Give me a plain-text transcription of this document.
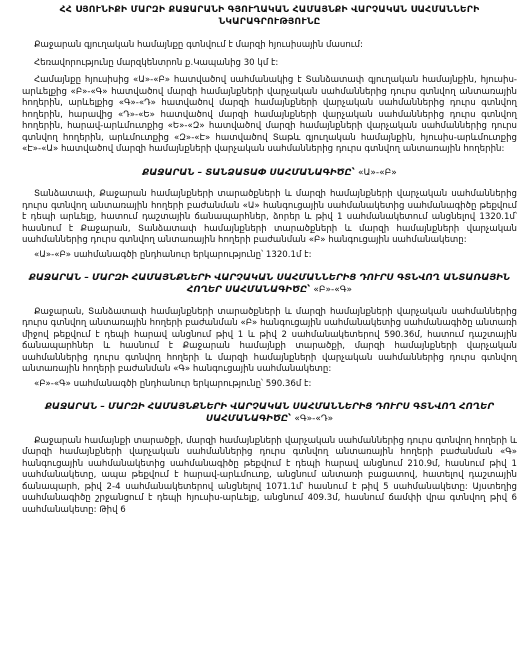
ՀՀ ՍՅՈՒՆԻՔԻ ՄԱՐԶԻ ՔԱՋԱՐԱՆԻ ԳՅՈՒՂԱԿԱՆ ՀԱՄԱՅՆՔԻ ՎԱՐՉԱԿԱՆ ՍԱՀՄԱՆՆԵՐԻ ՆԿԱՐԱԳՐՈՒԹՅՈՒՆԸ

Քաջարան գյուղական համայնքը գտնվում է մարզի հյուսիսային մասում:

Հեռավորությունը մարզկենտրոն ք.Կապանից 30 կմ է:

Համայնքը հյուսիսից «Ա»-«Բ» հատվածով սահմանակից է Տանձատափ գյուղական համայնքին, հյուսիս-արևելքից «Բ»-«Գ» հատվածով մարզի համայնքների վարչական սահմաններից դուրս գտնվող անտառային հողերին, արևելքից «Գ»-«Դ» հատվածով մարզի համայնքների վարչական սահմաններից դուրս գտնվող հողերին, հարավից «Դ»-«Ե» հատվածով մարզի համայնքների վարչական սահմաններից դուրս գտնվող հողերին, հարավ-արևմուտքից «Ե»-«Զ» հատվածով մարզի համայնքների վարչական սահմաններից դուրս գտնվող հողերին, արևմուտքից «Զ»-«Է» հատվածով Տաթև գյուղական համայնքին, հյուսիս-արևմուտքից «Է»-«Ա» հատվածով մարզի համայնքների վարչական սահմաններից դուրս գտնվող անտառային հողերին:

ՔԱՋԱՐԱՆ – ՏԱՆՁԱՏԱՓ ՍԱՀՄԱՆԱԳԻԾԸ՝ «Ա»-«Բ»

Տանձատափ, Քաջարան համայնքների տարածքների և մարզի համայնքների վարչական սահմաններից դուրս գտնվող անտառային հողերի բաժանման «Ա» հանգուցային սահմանակետից սահմանագիծը թեքվում է դեպի արևելք, հատում դաշտային ճանապարհներ, ձորեր և թիվ 1 սահմանակետում անցնելով 1320.1մ՝ հասնում է Քաջարան, Տանձատափ համայնքների տարածքների և մարզի համայնքների վարչական սահմաններից դուրս գտնվող անտառային հողերի բաժանման «Բ» հանգուցային սահմանակետը:

«Ա»-«Բ» սահմանագծի ընդհանուր երկարությունը՝ 1320.1մ է:

ՔԱՋԱՐԱՆ – ՄԱՐԶԻ ՀԱՄԱՅՆՔՆԵՐԻ ՎԱՐՉԱԿԱՆ ՍԱՀՄԱՆՆԵՐԻՑ ԴՈՒՐՍ ԳՏՆՎՈՂ ԱՆՏԱՌԱՅԻՆ ՀՈՂԵՐ ՍԱՀՄԱՆԱԳԻԾԸ՝ «Բ»-«Գ»

Քաջարան, Տանձատափ համայնքների տարածքների և մարզի համայնքների վարչական սահմաններից դուրս գտնվող անտառային հողերի բաժանման «Բ» հանգուցային սահմանակետից սահմանագիծը անտառի միջով թեքվում է դեպի հարավ անցնում թիվ 1 և թիվ 2 սահմանակետերով 590.36մ, հատում դաշտային ճանապարհներ և հասնում է Քաջարան համայնքի տարածքի, մարզի համայնքների վարչական սահմաններից դուրս գտնվող հողերի և մարզի համայնքների վարչական սահմաններից դուրս գտնվող անտառային հողերի բաժանման «Գ» հանգուցային սահմանակետը:

«Բ»-«Գ» սահմանագծի ընդհանուր երկարությունը՝ 590.36մ է:

ՔԱՋԱՐԱՆ – ՄԱՐԶԻ ՀԱՄԱՅՆՔՆԵՐԻ ՎԱՐՉԱԿԱՆ ՍԱՀՄԱՆՆԵՐԻՑ ԴՈՒՐՍ ԳՏՆՎՈՂ ՀՈՂԵՐ ՍԱՀՄԱՆԱԳԻԾԸ՝ «Գ»-«Դ»

Քաջարան համայնքի տարածքի, մարզի համայնքների վարչական սահմաններից դուրս գտնվող հողերի և մարզի համայնքների վարչական սահմաններից դուրս գտնվող անտառային հողերի բաժանման «Գ» հանգուցային սահմանակետից սահմանագիծը թեքվում է դեպի հարավ անցնում 210.9մ, հասնում թիվ 1 սահմանակետը, ապա թեքվում է հարավ-արևմուտք, անցնում անտառի բացատով, հատելով դաշտային ճանապարհ, թիվ 2-4 սահմանակետերով անցնելով 1071.1մ՝ հասնում է թիվ 5 սահմանակետը: Այստեղից սահմանագիծը շրջանցում է դեպի հյուսիս-արևելք, անցնում 409.3մ, հասնում ճամփի վրա գտնվող թիվ 6 սահմանակետը: Թիվ 6
